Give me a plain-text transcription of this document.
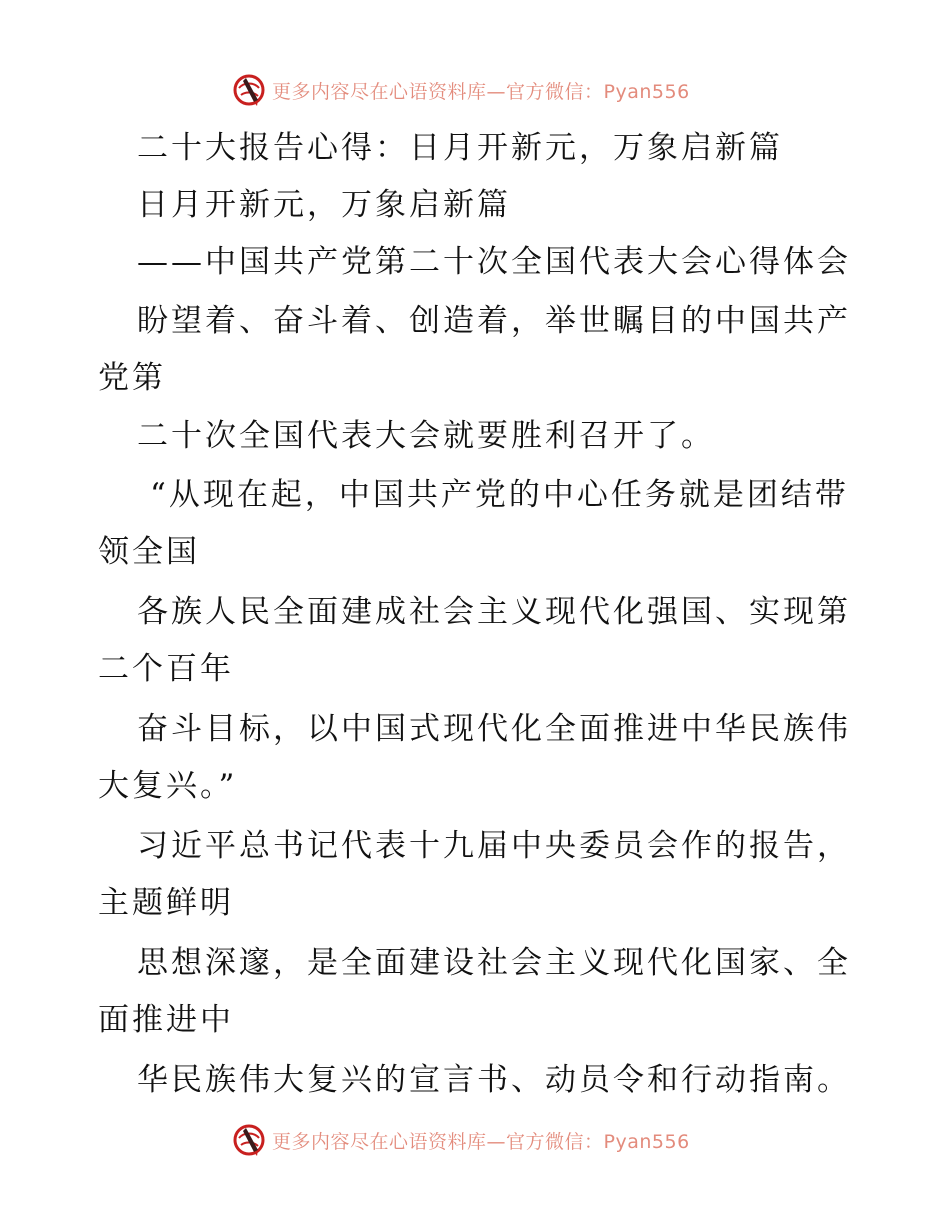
更多内容尽在心语资料库—官方微信：Pyan556
二十大报告心得：日月开新元，万象启新篇
日月开新元，万象启新篇
——中国共产党第二十次全国代表大会心得体会
盼望着、奋斗着、创造着，举世瞩目的中国共产
党第
二十次全国代表大会就要胜利召开了。
“从现在起，中国共产党的中心任务就是团结带
领全国
各族人民全面建成社会主义现代化强国、实现第
二个百年
奋斗目标，以中国式现代化全面推进中华民族伟
大复兴。”
习近平总书记代表十九届中央委员会作的报告，
主题鲜明
思想深邃，是全面建设社会主义现代化国家、全
面推进中
华民族伟大复兴的宣言书、动员令和行动指南。
更多内容尽在心语资料库—官方微信：Pyan556
